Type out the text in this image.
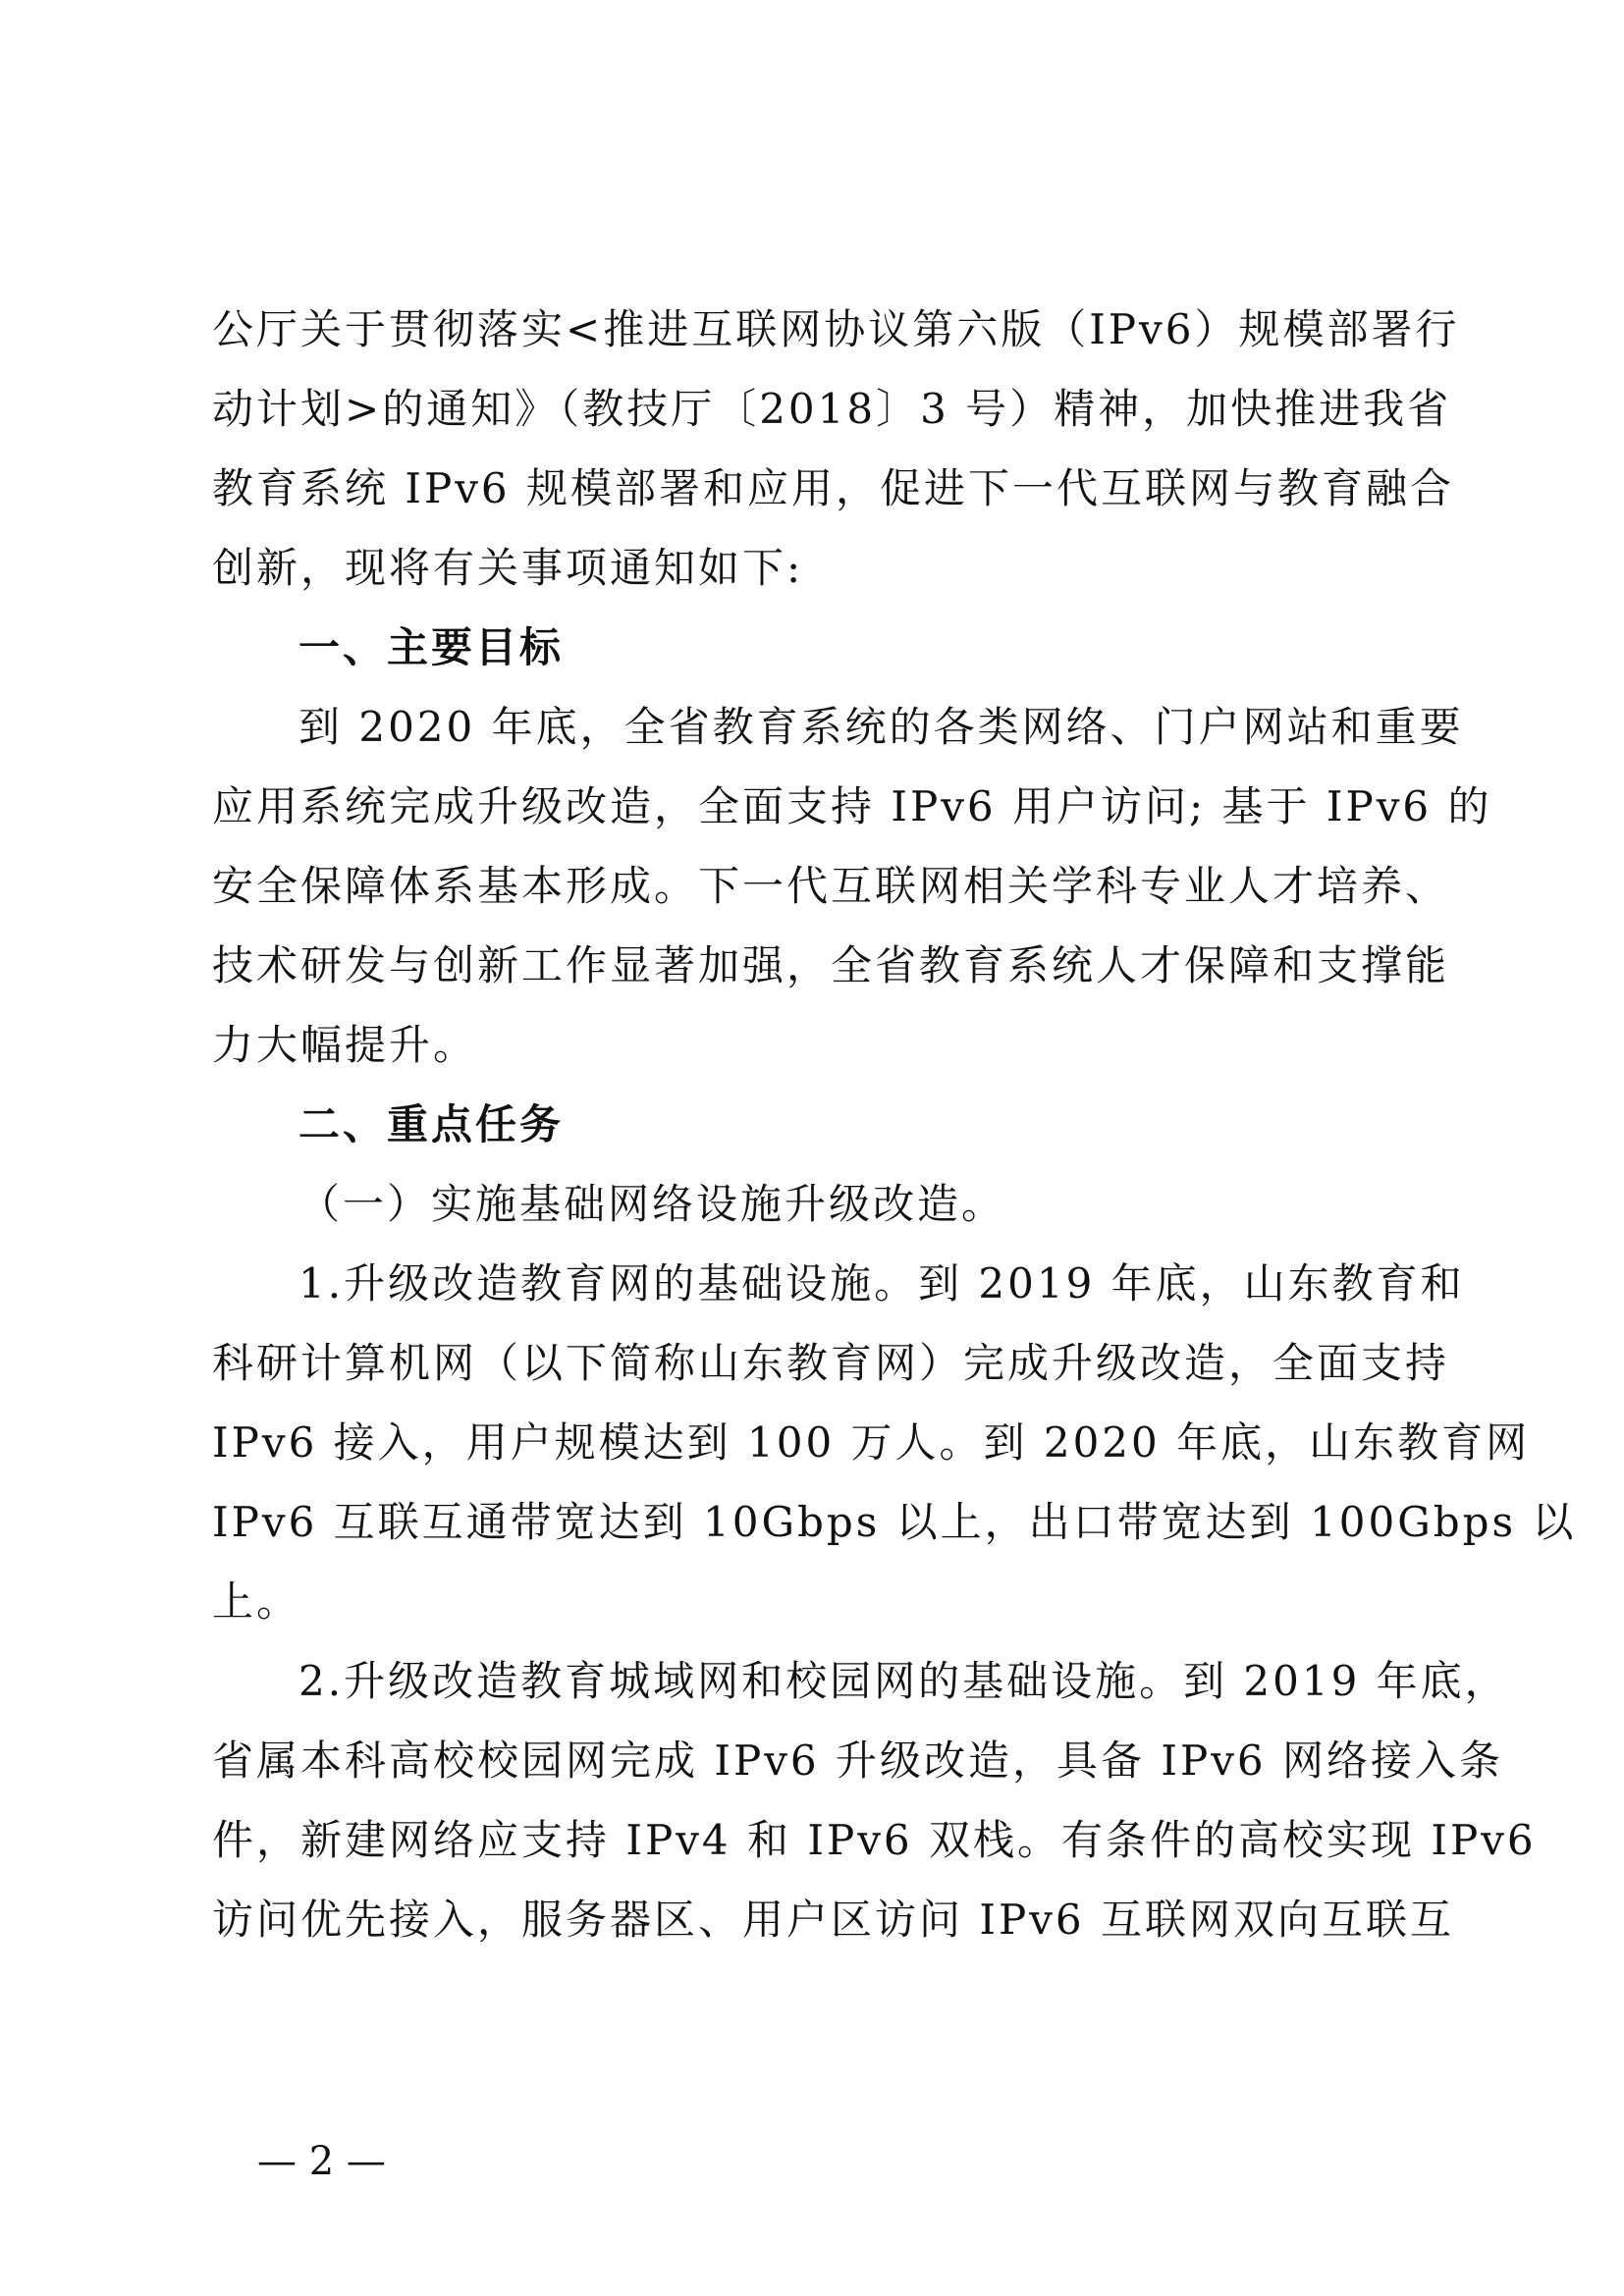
公厅关于贯彻落实<推进互联网协议第六版（IPv6）规模部署行
动计划>的通知》（教技厅〔2018〕3 号）精神，加快推进我省
教育系统 IPv6 规模部署和应用，促进下一代互联网与教育融合
创新，现将有关事项通知如下:
一、主要目标
到 2020 年底，全省教育系统的各类网络、门户网站和重要
应用系统完成升级改造，全面支持 IPv6 用户访问; 基于 IPv6 的
安全保障体系基本形成。下一代互联网相关学科专业人才培养、
技术研发与创新工作显著加强，全省教育系统人才保障和支撑能
力大幅提升。
二、重点任务
（一）实施基础网络设施升级改造。
1.升级改造教育网的基础设施。到 2019 年底，山东教育和
科研计算机网（以下简称山东教育网）完成升级改造，全面支持
IPv6 接入，用户规模达到 100 万人。到 2020 年底，山东教育网
IPv6 互联互通带宽达到 10Gbps 以上，出口带宽达到 100Gbps 以
上。
2.升级改造教育城域网和校园网的基础设施。到 2019 年底，
省属本科高校校园网完成 IPv6 升级改造，具备 IPv6 网络接入条
件，新建网络应支持 IPv4 和 IPv6 双栈。有条件的高校实现 IPv6
访问优先接入，服务器区、用户区访问 IPv6 互联网双向互联互
— 2 —
